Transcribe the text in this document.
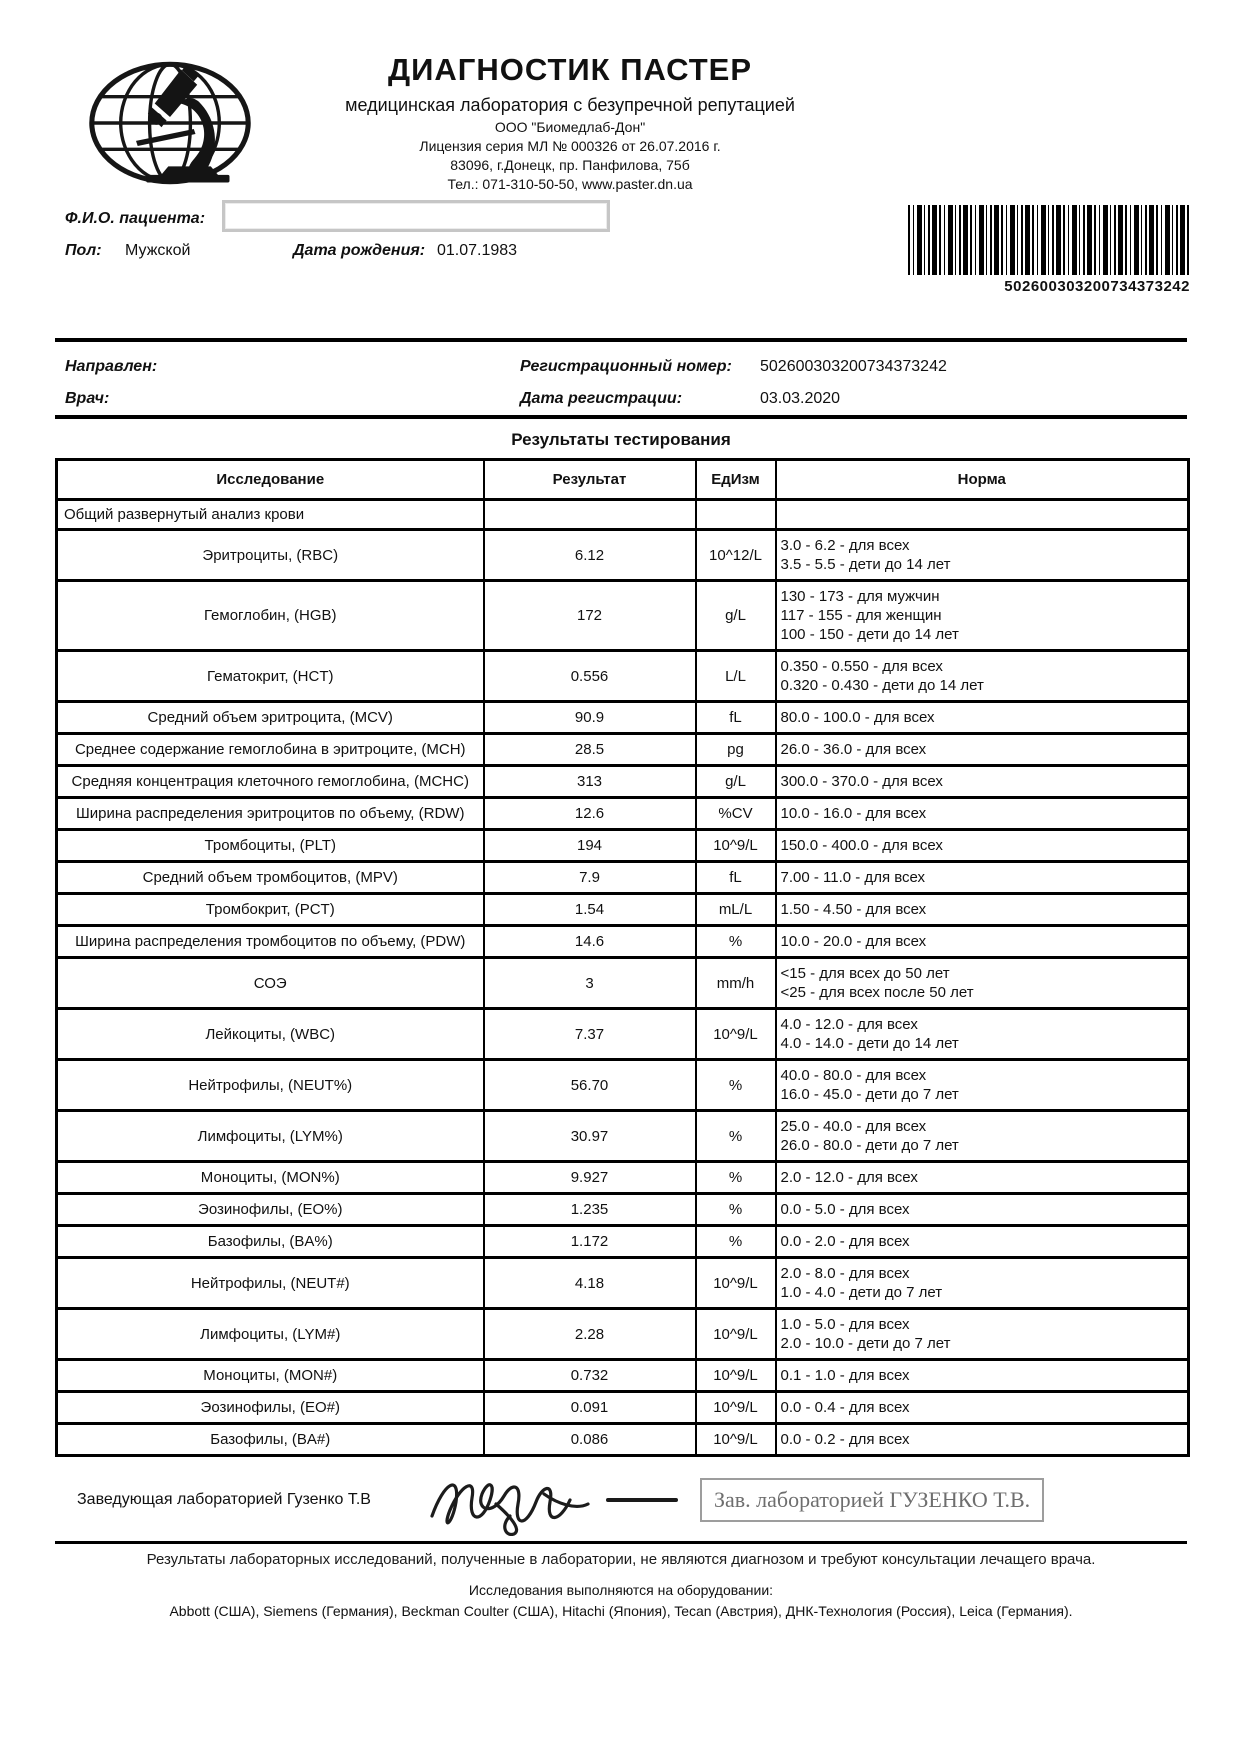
ДИАГНОСТИК ПАСТЕР
медицинская лаборатория с безупречной репутацией
ООО "Биомедлаб-Дон"
Лицензия серия МЛ № 000326 от 26.07.2016 г.
83096, г.Донецк, пр. Панфилова, 75б
Тел.: 071-310-50-50, www.paster.dn.ua
Ф.И.О. пациента:
Пол: Мужской	Дата рождения: 01.07.1983
502600303200734373242
Направлен:
Врач:
Регистрационный номер: 502600303200734373242
Дата регистрации:	03.03.2020
Результаты тестирования
Исследование	Результат	ЕдИзм	Норма
Общий развернутый анализ крови			
Эритроциты, (RBC)	6.12	10^12/L	3.0 - 6.2 - для всех
3.5 - 5.5 - дети до 14 лет

Гемоглобин, (HGB)	172	g/L	130 - 173 - для мужчин
117 - 155 - для женщин
100 - 150 - дети до 14 лет

Гематокрит, (HCT)	0.556	L/L	0.350 - 0.550 - для всех
0.320 - 0.430 - дети до 14 лет

Средний объем эритроцита, (MCV)	90.9	fL	80.0 - 100.0 - для всех

Среднее содержание гемоглобина в эритроците, (MCH)	28.5	pg	26.0 - 36.0 - для всех

Средняя концентрация клеточного гемоглобина, (MCHC)	313	g/L	300.0 - 370.0 - для всех

Ширина распределения эритроцитов по объему, (RDW)	12.6	%CV	10.0 - 16.0 - для всех

Тромбоциты, (PLT)	194	10^9/L	150.0 - 400.0 - для всех

Средний объем тромбоцитов, (MPV)	7.9	fL	7.00 - 11.0 - для всех

Тромбокрит, (PCT)	1.54	mL/L	1.50 - 4.50 - для всех

Ширина распределения тромбоцитов по объему, (PDW)	14.6	%	10.0 - 20.0 - для всех

СОЭ	3	mm/h	<15 - для всех до 50 лет
<25 - для всех после 50 лет

Лейкоциты, (WBC)	7.37	10^9/L	4.0 - 12.0 - для всех
4.0 - 14.0 - дети до 14 лет

Нейтрофилы, (NEUT%)	56.70	%	40.0 - 80.0 - для всех
16.0 - 45.0 - дети до 7 лет

Лимфоциты, (LYM%)	30.97	%	25.0 - 40.0 - для всех
26.0 - 80.0 - дети до 7 лет

Моноциты, (MON%)	9.927	%	2.0 - 12.0 - для всех

Эозинофилы, (EO%)	1.235	%	0.0 - 5.0 - для всех

Базофилы, (BA%)	1.172	%	0.0 - 2.0 - для всех

Нейтрофилы, (NEUT#)	4.18	10^9/L	2.0 - 8.0 - для всех
1.0 - 4.0 - дети до 7 лет

Лимфоциты, (LYM#)	2.28	10^9/L	1.0 - 5.0 - для всех
2.0 - 10.0 - дети до 7 лет

Моноциты, (MON#)	0.732	10^9/L	0.1 - 1.0 - для всех

Эозинофилы, (EO#)	0.091	10^9/L	0.0 - 0.4 - для всех

Базофилы, (BA#)	0.086	10^9/L	0.0 - 0.2 - для всех
Заведующая лабораторией Гузенко Т.В	Зав. лабораторией ГУЗЕНКО Т.В.
Результаты лабораторных исследований, полученные в лаборатории, не являются диагнозом и требуют консультации лечащего врача.
Исследования выполняются на оборудовании:
Abbott (США), Siemens (Германия), Beckman Coulter (США), Hitachi (Япония), Tecan (Австрия), ДНК-Технология (Россия), Leica (Германия).
